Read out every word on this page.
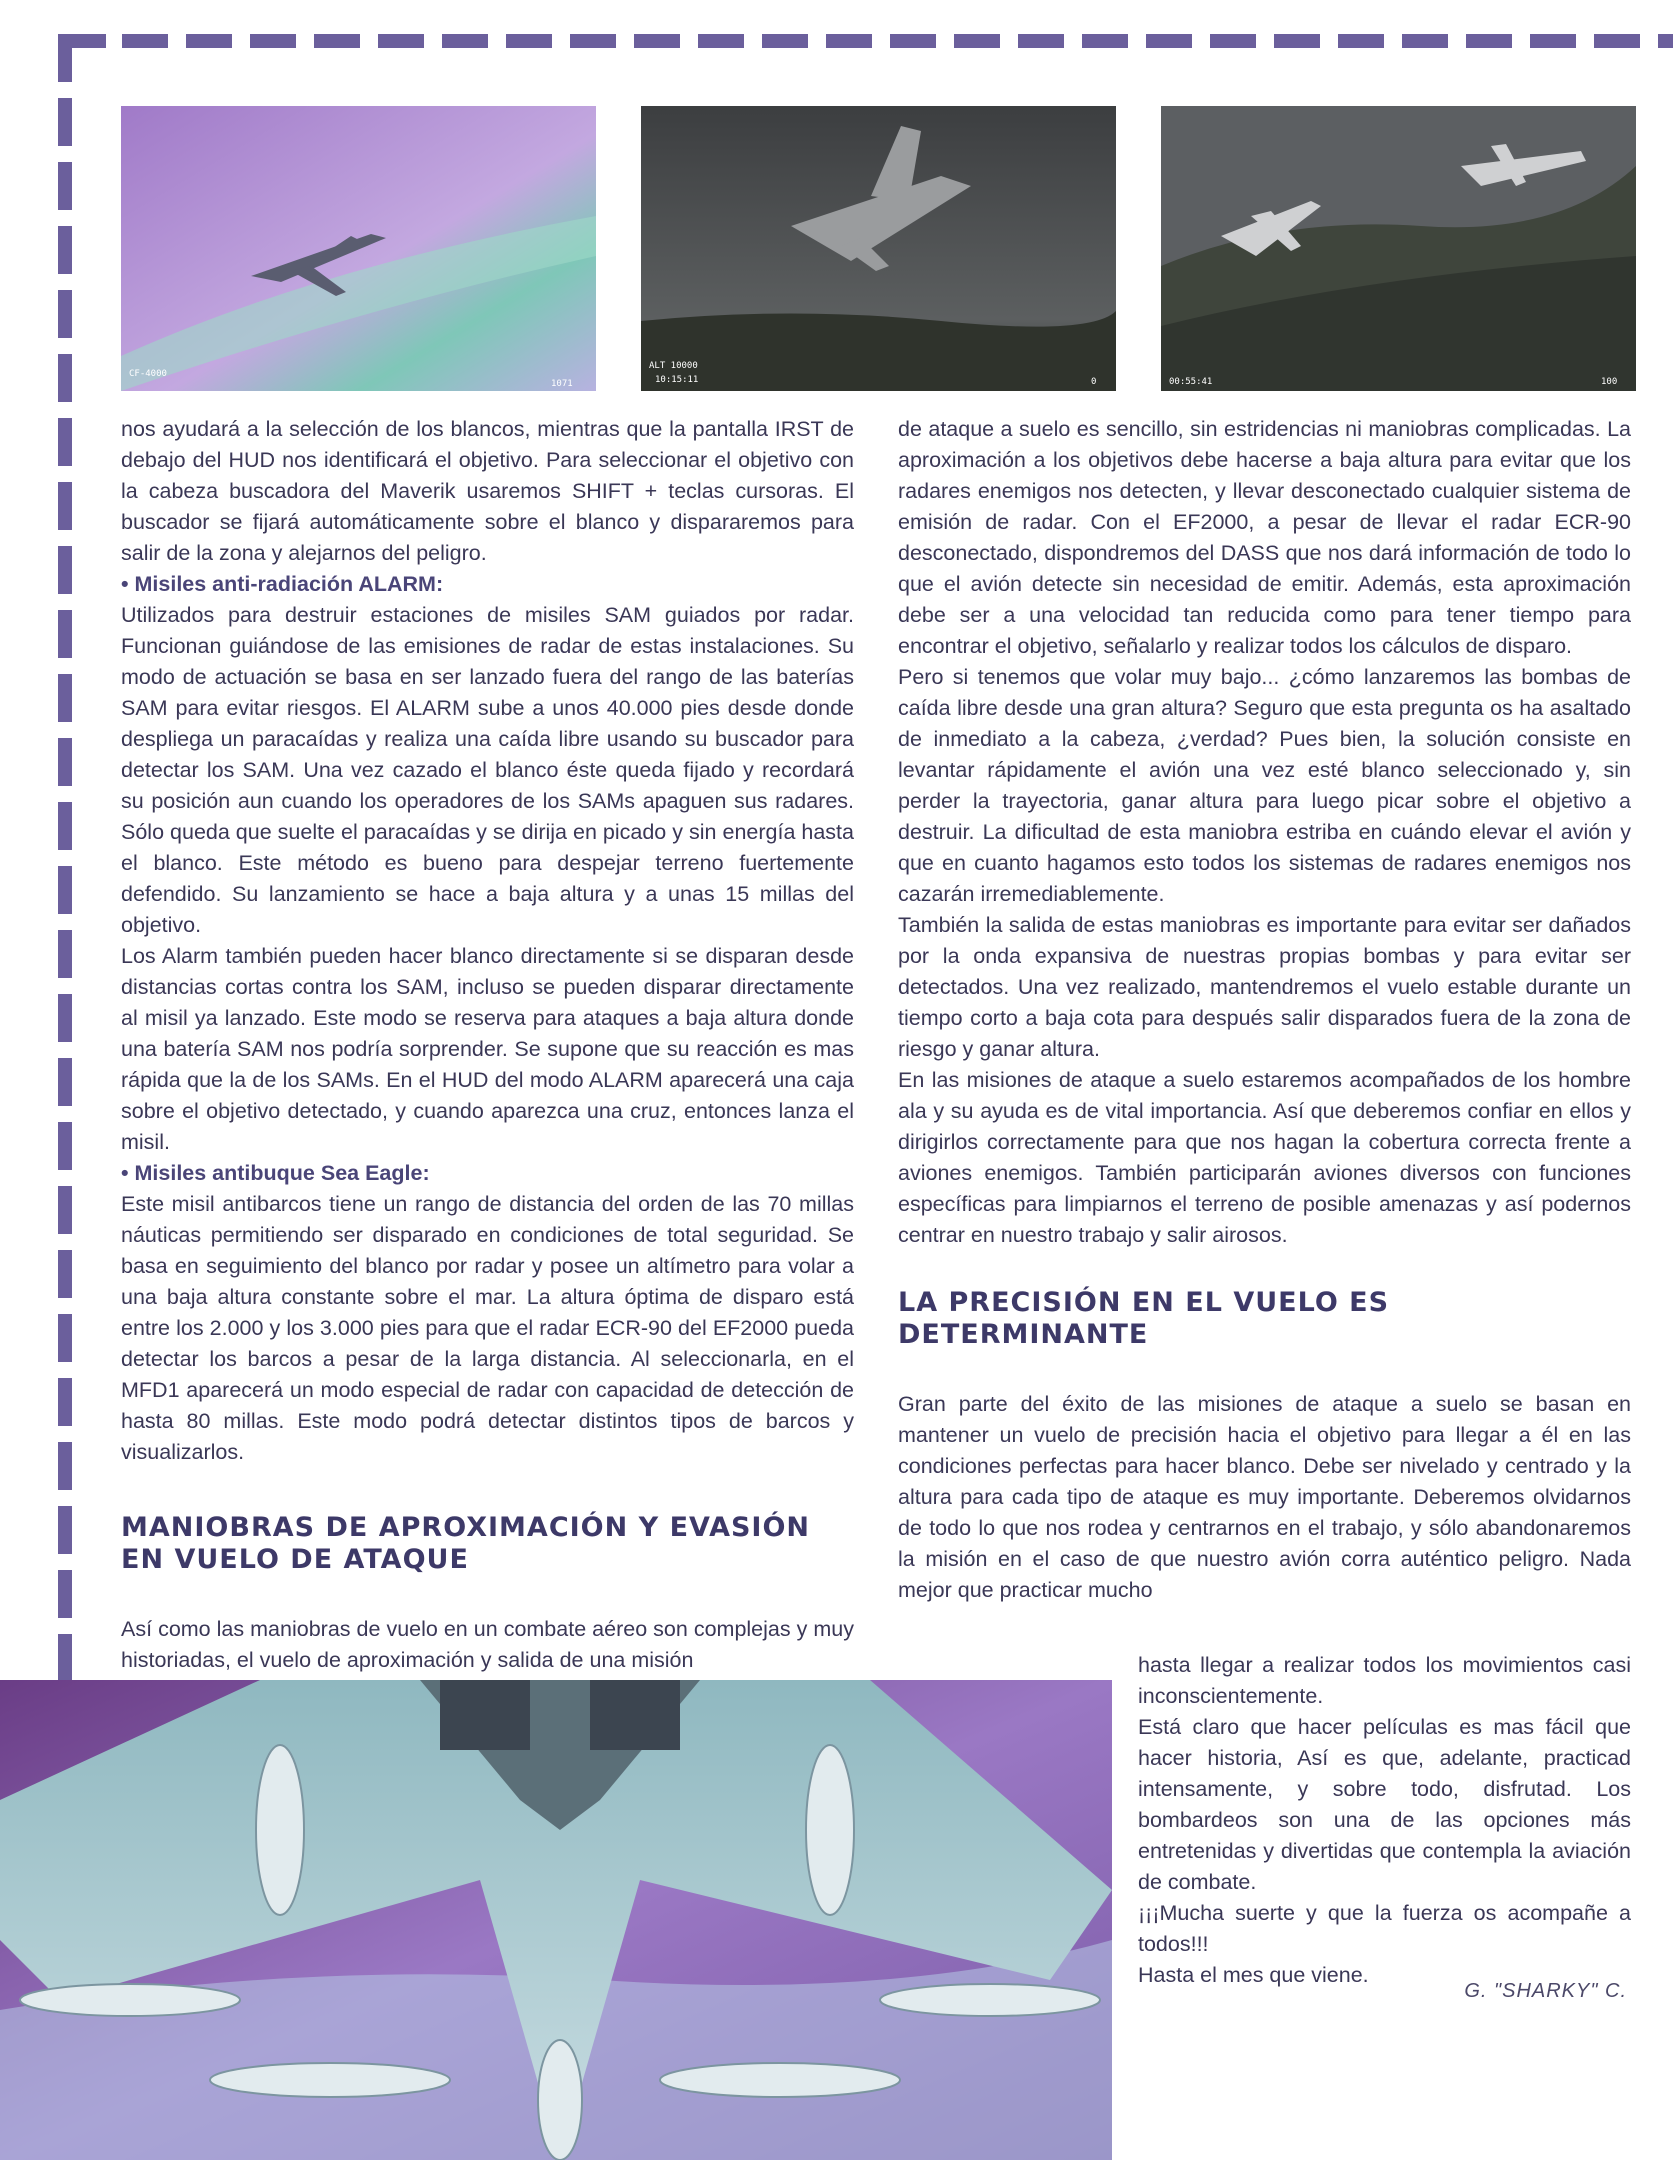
CF-4000
1071
ALT 10000
10:15:11	0	00:55:41	100

nos ayudará a la selección de los blancos, mientras que la pantalla IRST de debajo del HUD nos identificará el objetivo. Para seleccionar el objetivo con la cabeza buscadora del Maverik usaremos SHIFT + teclas cursoras. El buscador se fijará automáticamente sobre el blanco y dispararemos para salir de la zona y alejarnos del peligro.

• Misiles anti-radiación ALARM:

Utilizados para destruir estaciones de misiles SAM guiados por radar. Funcionan guiándose de las emisiones de radar de estas instalaciones. Su modo de actuación se basa en ser lanzado fuera del rango de las baterías SAM para evitar riesgos. El ALARM sube a unos 40.000 pies desde donde despliega un paracaídas y realiza una caída libre usando su buscador para detectar los SAM. Una vez cazado el blanco éste queda fijado y recordará su posición aun cuando los operadores de los SAMs apaguen sus radares. Sólo queda que suelte el paracaídas y se dirija en picado y sin energía hasta el blanco. Este método es bueno para despejar terreno fuertemente defendido. Su lanzamiento se hace a baja altura y a unas 15 millas del objetivo.

Los Alarm también pueden hacer blanco directamente si se disparan desde distancias cortas contra los SAM, incluso se pueden disparar directamente al misil ya lanzado. Este modo se reserva para ataques a baja altura donde una batería SAM nos podría sorprender. Se supone que su reacción es mas rápida que la de los SAMs. En el HUD del modo ALARM aparecerá una caja sobre el objetivo detectado, y cuando aparezca una cruz, entonces lanza el misil.

• Misiles antibuque Sea Eagle:

Este misil antibarcos tiene un rango de distancia del orden de las 70 millas náuticas permitiendo ser disparado en condiciones de total seguridad. Se basa en seguimiento del blanco por radar y posee un altímetro para volar a una baja altura constante sobre el mar. La altura óptima de disparo está entre los 2.000 y los 3.000 pies para que el radar ECR-90 del EF2000 pueda detectar los barcos a pesar de la larga distancia. Al seleccionarla, en el MFD1 aparecerá un modo especial de radar con capacidad de detección de hasta 80 millas. Este modo podrá detectar distintos tipos de barcos y visualizarlos.

MANIOBRAS DE APROXIMACIÓN Y EVASIÓN EN VUELO DE ATAQUE

Así como las maniobras de vuelo en un combate aéreo son complejas y muy historiadas, el vuelo de aproximación y salida de una misión

de ataque a suelo es sencillo, sin estridencias ni maniobras complicadas. La aproximación a los objetivos debe hacerse a baja altura para evitar que los radares enemigos nos detecten, y llevar desconectado cualquier sistema de emisión de radar. Con el EF2000, a pesar de llevar el radar ECR-90 desconectado, dispondremos del DASS que nos dará información de todo lo que el avión detecte sin necesidad de emitir. Además, esta aproximación debe ser a una velocidad tan reducida como para tener tiempo para encontrar el objetivo, señalarlo y realizar todos los cálculos de disparo.

Pero si tenemos que volar muy bajo... ¿cómo lanzaremos las bombas de caída libre desde una gran altura? Seguro que esta pregunta os ha asaltado de inmediato a la cabeza, ¿verdad? Pues bien, la solución consiste en levantar rápidamente el avión una vez esté blanco seleccionado y, sin perder la trayectoria, ganar altura para luego picar sobre el objetivo a destruir. La dificultad de esta maniobra estriba en cuándo elevar el avión y que en cuanto hagamos esto todos los sistemas de radares enemigos nos cazarán irremediablemente.

También la salida de estas maniobras es importante para evitar ser dañados por la onda expansiva de nuestras propias bombas y para evitar ser detectados. Una vez realizado, mantendremos el vuelo estable durante un tiempo corto a baja cota para después salir disparados fuera de la zona de riesgo y ganar altura.

En las misiones de ataque a suelo estaremos acompañados de los hombre ala y su ayuda es de vital importancia. Así que deberemos confiar en ellos y dirigirlos correctamente para que nos hagan la cobertura correcta frente a aviones enemigos. También participarán aviones diversos con funciones específicas para limpiarnos el terreno de posible amenazas y así podernos centrar en nuestro trabajo y salir airosos.

LA PRECISIÓN EN EL VUELO ES DETERMINANTE

Gran parte del éxito de las misiones de ataque a suelo se basan en mantener un vuelo de precisión hacia el objetivo para llegar a él en las condiciones perfectas para hacer blanco. Debe ser nivelado y centrado y la altura para cada tipo de ataque es muy importante. Deberemos olvidarnos de todo lo que nos rodea y centrarnos en el trabajo, y sólo abandonaremos la misión en el caso de que nuestro avión corra auténtico peligro. Nada mejor que practicar mucho

hasta llegar a realizar todos los movimientos casi inconscientemente.

Está claro que hacer películas es mas fácil que hacer historia, Así es que, adelante, practicad intensamente, y sobre todo, disfrutad. Los bombardeos son una de las opciones más entretenidas y divertidas que contempla la aviación de combate.

¡¡¡Mucha suerte y que la fuerza os acompañe a todos!!!

Hasta el mes que viene.

G. "SHARKY" C.
